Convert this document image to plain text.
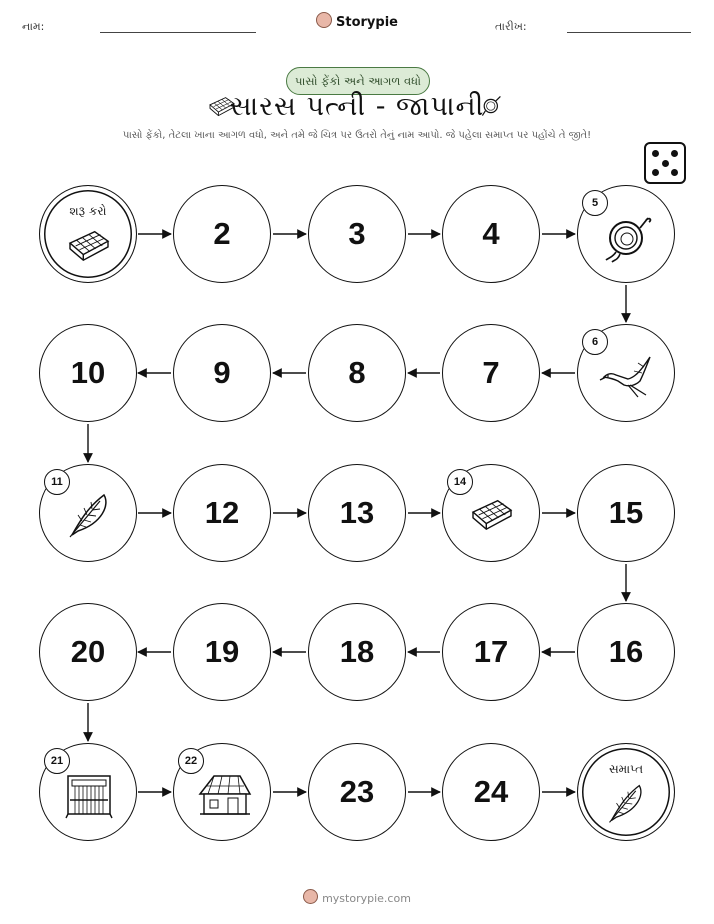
નામ:	Storypie	તારીખ:
પાસો ફેંકો અને આગળ વધો
સારસ પત્ની - જાપાની
પાસો ફેંકો, તેટલા ખાના આગળ વધો, અને તમે જે ચિત્ર પર ઉતરો તેનું નામ આપો. જે પહેલા સમાપ્ત પર પહોંચે તે જીતે!
શરૂ કરો
2	3	4
5
10	9	8	7
6
11
12	13
14
15
20	19	18	17	16
21	22
23	24
સમાપ્ત
mystorypie.com
